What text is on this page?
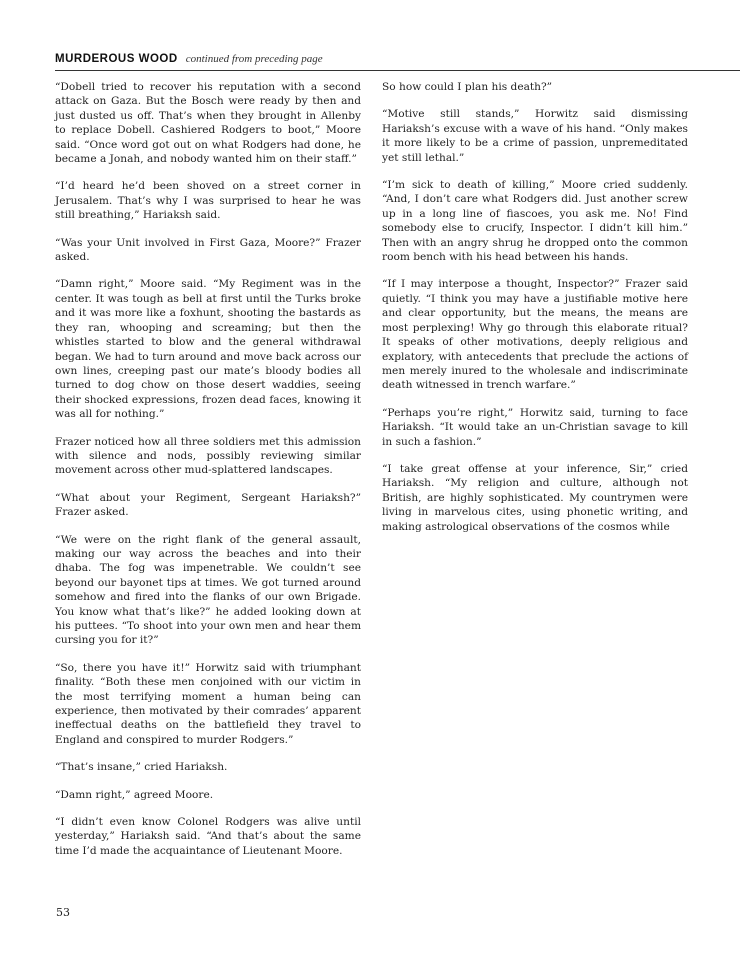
MURDEROUS WOOD continued from preceding page

“Dobell tried to recover his reputation with a second attack on Gaza. But the Bosch were ready by then and just dusted us off. That’s when they brought in Allenby to replace Dobell. Cashiered Rodgers to boot,” Moore said. “Once word got out on what Rodgers had done, he became a Jonah, and nobody wanted him on their staff.”

“I’d heard he’d been shoved on a street corner in Jerusalem. That’s why I was surprised to hear he was still breathing,” Hariaksh said.

“Was your Unit involved in First Gaza, Moore?” Frazer asked.

“Damn right,” Moore said. “My Regiment was in the center. It was tough as bell at first until the Turks broke and it was more like a foxhunt, shooting the bastards as they ran, whooping and screaming; but then the whistles started to blow and the general withdrawal began. We had to turn around and move back across our own lines, creeping past our mate’s bloody bodies all turned to dog chow on those desert waddies, seeing their shocked expressions, frozen dead faces, knowing it was all for nothing.”

Frazer noticed how all three soldiers met this admission with silence and nods, possibly reviewing similar movement across other mud-splattered landscapes.

“What about your Regiment, Sergeant Hariaksh?” Frazer asked.

“We were on the right flank of the general assault, making our way across the beaches and into their dhaba. The fog was impenetrable. We couldn’t see beyond our bayonet tips at times. We got turned around somehow and fired into the flanks of our own Brigade. You know what that’s like?” he added looking down at his puttees. “To shoot into your own men and hear them cursing you for it?”

“So, there you have it!” Horwitz said with triumphant finality. “Both these men conjoined with our victim in the most terrifying moment a human being can experience, then motivated by their comrades’ apparent ineffectual deaths on the battlefield they travel to England and conspired to murder Rodgers.”

“That’s insane,” cried Hariaksh.

“Damn right,” agreed Moore.

“I didn’t even know Colonel Rodgers was alive until yesterday,” Hariaksh said. “And that’s about the same time I’d made the acquaintance of Lieutenant Moore.

So how could I plan his death?”

“Motive still stands,” Horwitz said dismissing Hariaksh’s excuse with a wave of his hand. “Only makes it more likely to be a crime of passion, unpremeditated yet still lethal.”

“I’m sick to death of killing,” Moore cried suddenly. “And, I don’t care what Rodgers did. Just another screw up in a long line of fiascoes, you ask me. No! Find somebody else to crucify, Inspector. I didn’t kill him.” Then with an angry shrug he dropped onto the common room bench with his head between his hands.

“If I may interpose a thought, Inspector?” Frazer said quietly. “I think you may have a justifiable motive here and clear opportunity, but the means, the means are most perplexing! Why go through this elaborate ritual? It speaks of other motivations, deeply religious and explatory, with antecedents that preclude the actions of men merely inured to the wholesale and indiscriminate death witnessed in trench warfare.”

“Perhaps you’re right,” Horwitz said, turning to face Hariaksh. “It would take an un-Christian savage to kill in such a fashion.”

“I take great offense at your inference, Sir,” cried Hariaksh. “My religion and culture, although not British, are highly sophisticated. My countrymen were living in marvelous cites, using phonetic writing, and making astrological observations of the cosmos while

53
